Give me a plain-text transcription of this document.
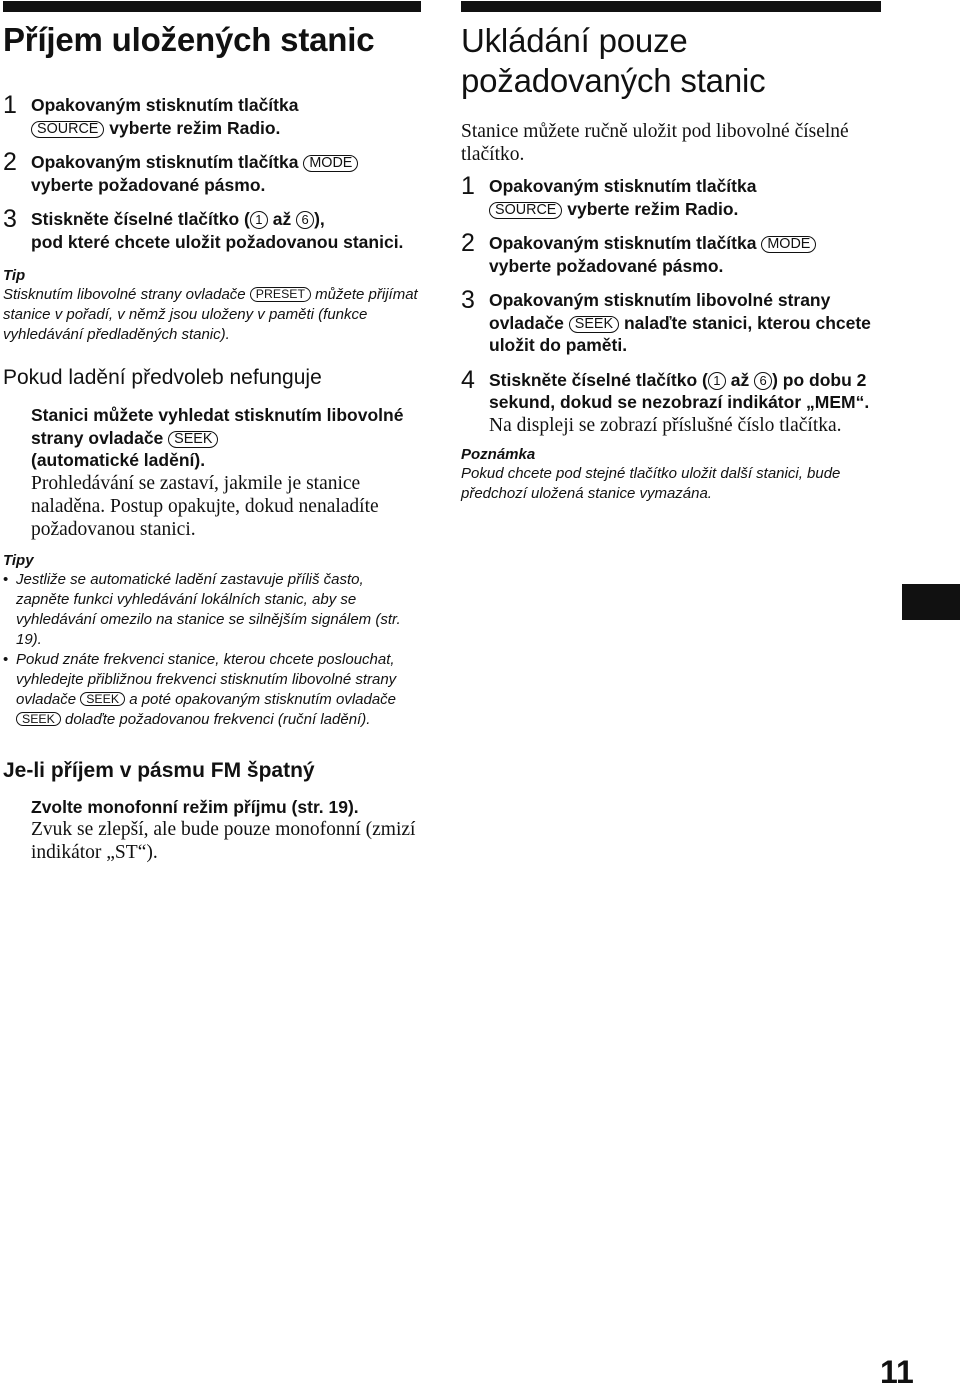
Příjem uložených stanic
1 Opakovaným stisknutím tlačítka
SOURCE vyberte režim Radio.
2 Opakovaným stisknutím tlačítka MODE
vyberte požadované pásmo.
3 Stiskněte číselné tlačítko ( 1 až 6 ),
pod které chcete uložit požadovanou stanici.
Tip
Stisknutím libovolné strany ovladače PRESET můžete přijímat stanice v pořadí, v němž jsou uloženy v paměti (funkce vyhledávání předladěných stanic).
Pokud ladění předvoleb nefunguje
Stanici můžete vyhledat stisknutím libovolné strany ovladače SEEK
(automatické ladění).
Prohledávání se zastaví, jakmile je stanice naladěna. Postup opakujte, dokud nenaladíte požadovanou stanici.
Tipy
• Jestliže se automatické ladění zastavuje příliš často, zapněte funkci vyhledávání lokálních stanic, aby se vyhledávání omezilo na stanice se silnějším signálem (str. 19).
• Pokud znáte frekvenci stanice, kterou chcete poslouchat, vyhledejte přibližnou frekvenci stisknutím libovolné strany ovladače SEEK a poté opakovaným stisknutím ovladače SEEK dolaďte požadovanou frekvenci (ruční ladění).
Je-li příjem v pásmu FM špatný
Zvolte monofonní režim příjmu (str. 19).
Zvuk se zlepší, ale bude pouze monofonní (zmizí indikátor „ST“).
Ukládání pouze požadovaných stanic
Stanice můžete ručně uložit pod libovolné číselné tlačítko.
1 Opakovaným stisknutím tlačítka
SOURCE vyberte režim Radio.
2 Opakovaným stisknutím tlačítka MODE
vyberte požadované pásmo.
3 Opakovaným stisknutím libovolné strany ovladače SEEK nalaďte stanici, kterou chcete uložit do paměti.
4 Stiskněte číselné tlačítko ( 1 až 6 ) po dobu 2 sekund, dokud se nezobrazí indikátor „MEM“.
Na displeji se zobrazí příslušné číslo tlačítka.
Poznámka
Pokud chcete pod stejné tlačítko uložit další stanici, bude předchozí uložená stanice vymazána.
11
